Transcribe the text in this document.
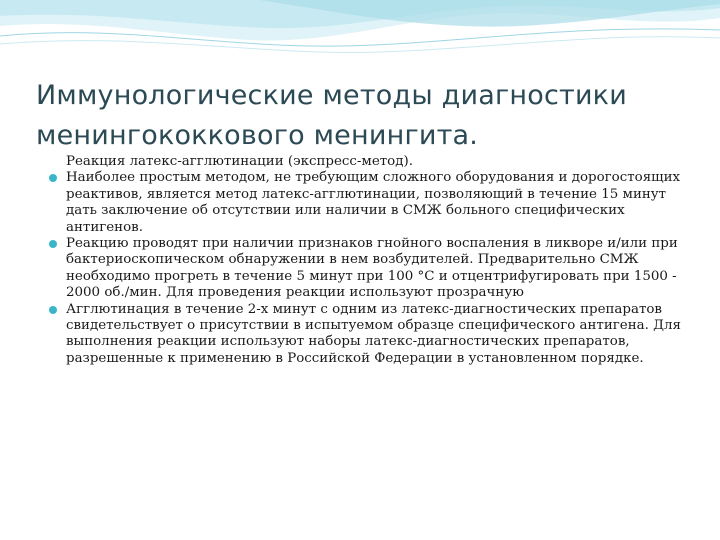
Иммунологические методы диагностики менингококкового менингита.

Реакция латекс-агглютинации (экспресс-метод).

Наиболее простым методом, не требующим сложного оборудования и дорогостоящих реактивов, является метод латекс-агглютинации, позволяющий в течение 15 минут дать заключение об отсутствии или наличии в СМЖ больного специфических антигенов.
Реакцию проводят при наличии признаков гнойного воспаления в ликворе и/или при бактериоскопическом обнаружении в нем возбудителей. Предварительно СМЖ необходимо прогреть в течение 5 минут при 100 °С и отцентрифугировать при 1500 - 2000 об./мин. Для проведения реакции используют прозрачную
Агглютинация в течение 2-х минут с одним из латекс-диагностических препаратов свидетельствует о присутствии в испытуемом образце специфического антигена. Для выполнения реакции используют наборы латекс-диагностических препаратов, разрешенные к применению в Российской Федерации в установленном порядке.
